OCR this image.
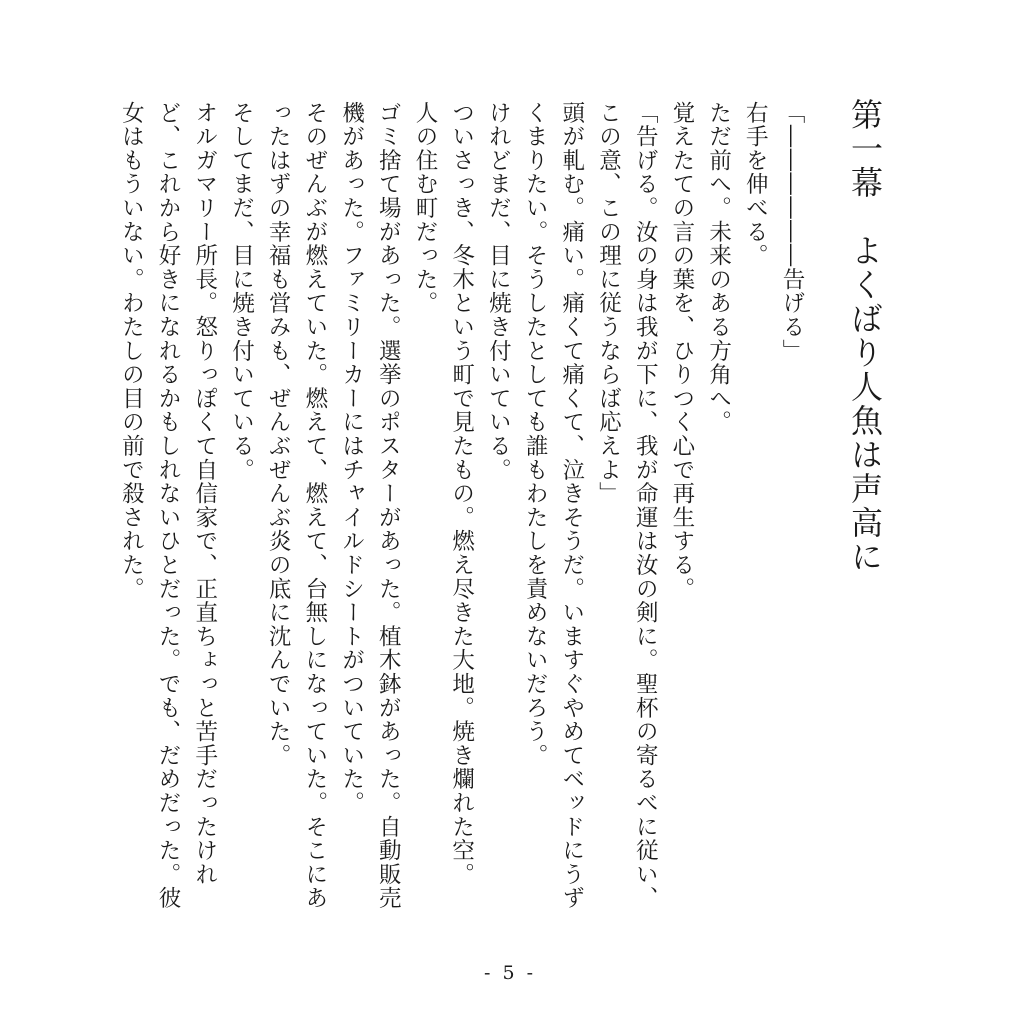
第一幕　よくばり人魚は声高に

「――――――告げる」

右手を伸べる。

ただ前へ。未来のある方角へ。

覚えたての言の葉を、ひりつく心で再生する。

「告げる。汝の身は我が下に、我が命運は汝の剣に。聖杯の寄るべに従い、この意、この理に従うならば応えよ」

頭が軋む。痛い。痛くて痛くて、泣きそうだ。いますぐやめてベッドにうずくまりたい。そうしたとしても誰もわたしを責めないだろう。

けれどまだ、目に焼き付いている。

ついさっき、冬木という町で見たもの。燃え尽きた大地。焼き爛れた空。

人の住む町だった。

ゴミ捨て場があった。選挙のポスターがあった。植木鉢があった。自動販売機があった。ファミリーカーにはチャイルドシートがついていた。

そのぜんぶが燃えていた。燃えて、燃えて、台無しになっていた。そこにあったはずの幸福も営みも、ぜんぶぜんぶ炎の底に沈んでいた。

そしてまだ、目に焼き付いている。

オルガマリー所長。怒りっぽくて自信家で、正直ちょっと苦手だったけれど、これから好きになれるかもしれないひとだった。でも、だめだった。彼女はもういない。わたしの目の前で殺された。

- 5 -
